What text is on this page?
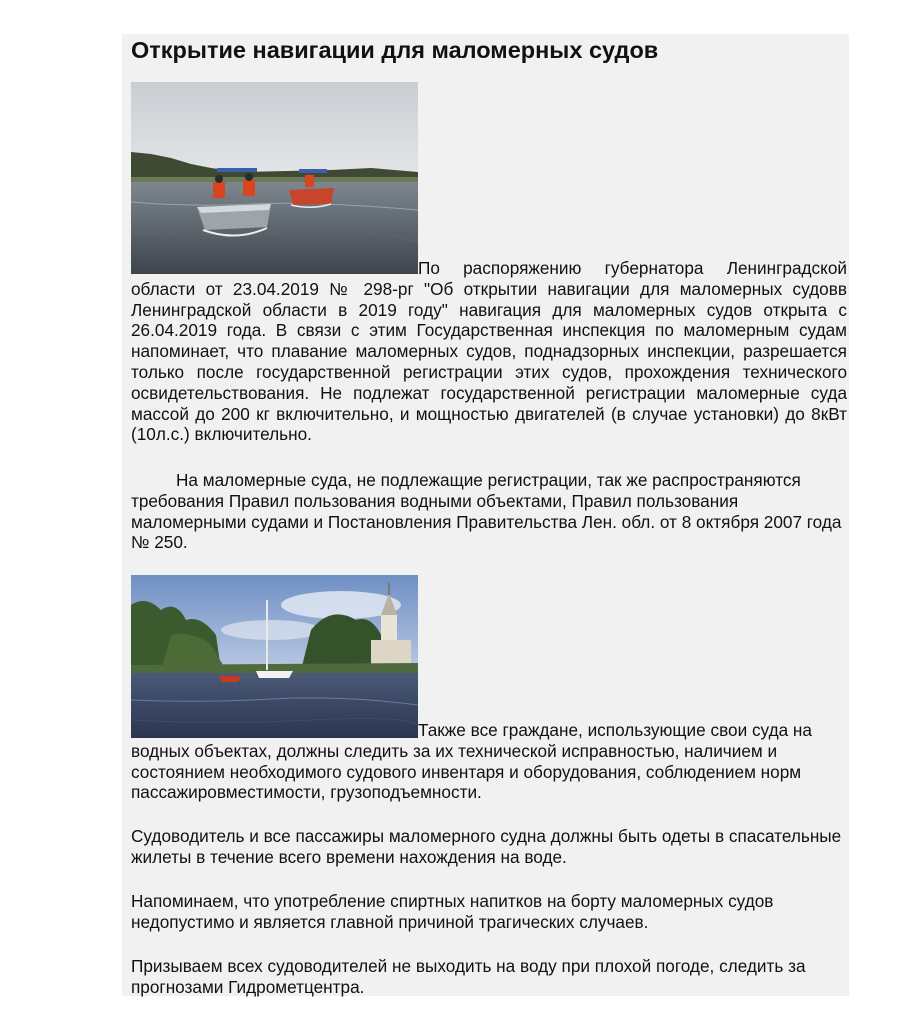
Открытие навигации для маломерных судов

По распоряжению губернатора Ленинградской
области от 23.04.2019 № 298-рг "Об открытии навигации для маломерных судовв Ленинградской области в 2019 году" навигация для маломерных судов открыта с 26.04.2019 года. В связи с этим Государственная инспекция по маломерным судам напоминает, что плавание маломерных судов, поднадзорных инспекции, разрешается только после государственной регистрации этих судов, прохождения технического освидетельствования. Не подлежат государственной регистрации маломерные суда массой до 200 кг включительно, и мощностью двигателей (в случае установки) до 8кВт (10л.с.) включительно.

На маломерные суда, не подлежащие регистрации, так же распространяются требования Правил пользования водными объектами, Правил пользования маломерными судами и Постановления Правительства Лен. обл. от 8 октября 2007 года № 250.

Также все граждане, использующие свои суда на
водных объектах, должны следить за их технической исправностью, наличием и состоянием необходимого судового инвентаря и оборудования, соблюдением норм пассажировместимости, грузоподъемности.

Судоводитель и все пассажиры маломерного судна должны быть одеты в спасательные жилеты в течение всего времени нахождения на воде.

Напоминаем, что употребление спиртных напитков на борту маломерных судов недопустимо и является главной причиной трагических случаев.

Призываем всех судоводителей не выходить на воду при плохой погоде, следить за прогнозами Гидрометцентра.
